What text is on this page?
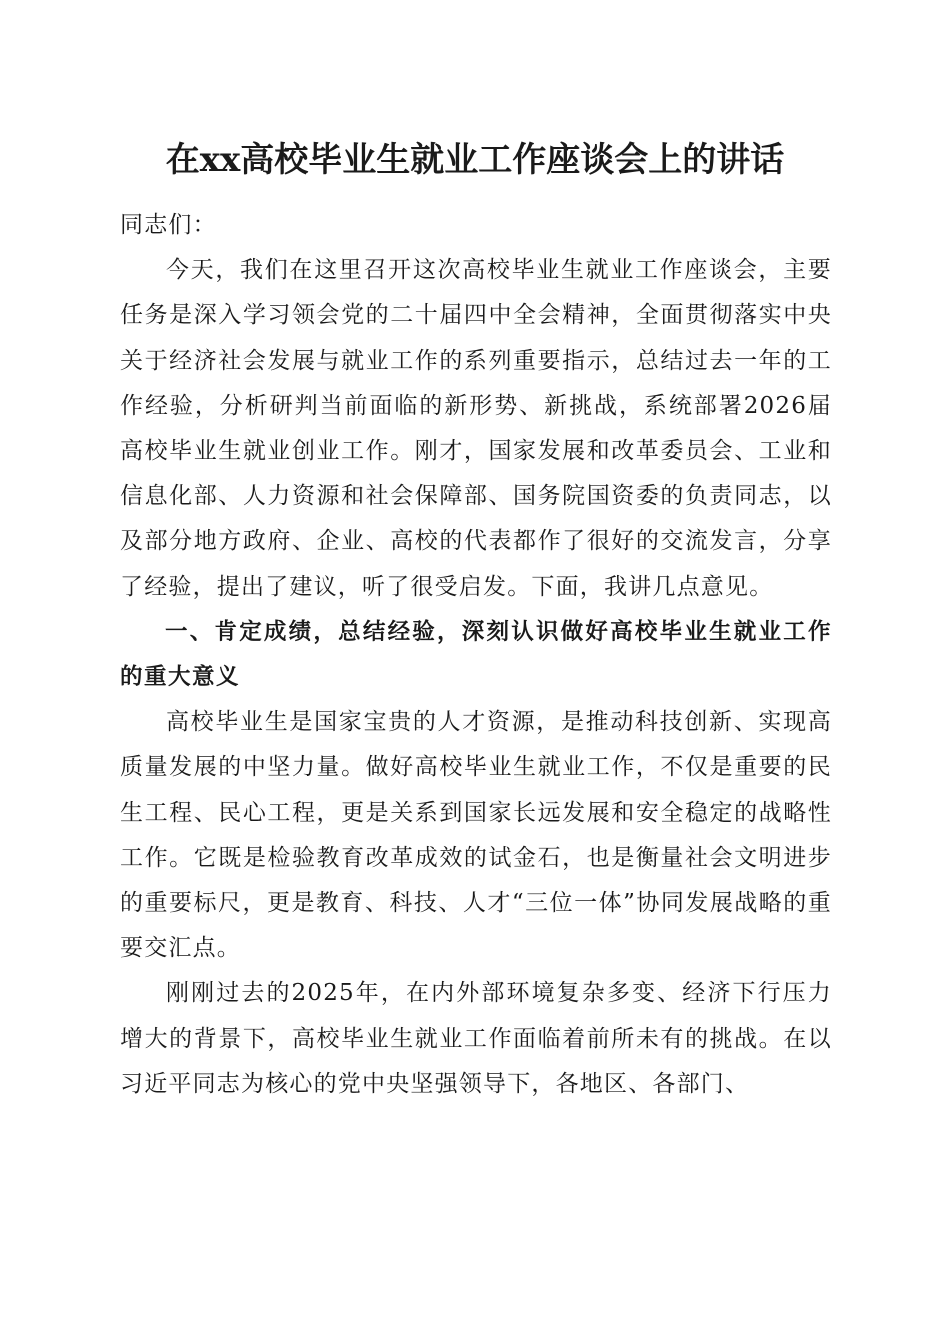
在xx高校毕业生就业工作座谈会上的讲话

同志们：

今天，我们在这里召开这次高校毕业生就业工作座谈会，主要任务是深入学习领会党的二十届四中全会精神，全面贯彻落实中央关于经济社会发展与就业工作的系列重要指示，总结过去一年的工作经验，分析研判当前面临的新形势、新挑战，系统部署2026届高校毕业生就业创业工作。刚才，国家发展和改革委员会、工业和信息化部、人力资源和社会保障部、国务院国资委的负责同志，以及部分地方政府、企业、高校的代表都作了很好的交流发言，分享了经验，提出了建议，听了很受启发。下面，我讲几点意见。

一、肯定成绩，总结经验，深刻认识做好高校毕业生就业工作的重大意义

高校毕业生是国家宝贵的人才资源，是推动科技创新、实现高质量发展的中坚力量。做好高校毕业生就业工作，不仅是重要的民生工程、民心工程，更是关系到国家长远发展和安全稳定的战略性工作。它既是检验教育改革成效的试金石，也是衡量社会文明进步的重要标尺，更是教育、科技、人才“三位一体”协同发展战略的重要交汇点。

刚刚过去的2025年，在内外部环境复杂多变、经济下行压力增大的背景下，高校毕业生就业工作面临着前所未有的挑战。在以习近平同志为核心的党中央坚强领导下，各地区、各部门、
